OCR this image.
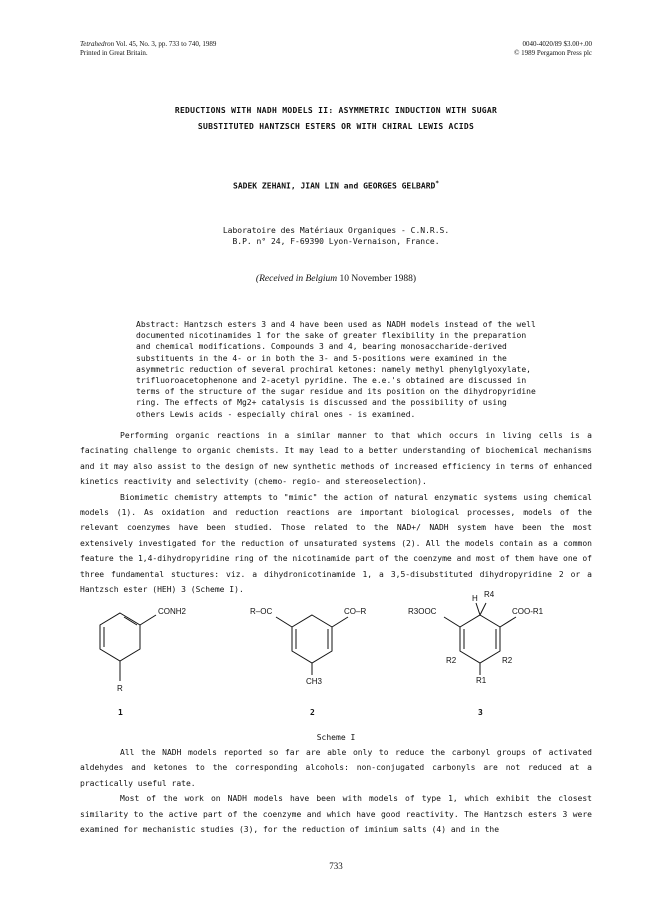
Tetrahedron Vol. 45, No. 3, pp. 733 to 740, 1989
Printed in Great Britain.
0040-4020/89 $3.00+.00
© 1989 Pergamon Press plc
REDUCTIONS WITH NADH MODELS II: ASYMMETRIC INDUCTION WITH SUGAR
SUBSTITUTED HANTZSCH ESTERS OR WITH CHIRAL LEWIS ACIDS
SADEK ZEHANI, JIAN LIN and GEORGES GELBARD*
Laboratoire des Matériaux Organiques - C.N.R.S.
B.P. n° 24, F-69390 Lyon-Vernaison, France.
(Received in Belgium 10 November 1988)

Abstract: Hantzsch esters 3 and 4 have been used as NADH models instead of the well documented nicotinamides 1 for the sake of greater flexibility in the preparation and chemical modifications. Compounds 3 and 4, bearing monosaccharide-derived substituents in the 4- or in both the 3- and 5-positions were examined in the asymmetric reduction of several prochiral ketones: namely methyl phenylglyoxylate, trifluoroacetophenone and 2-acetyl pyridine. The e.e.'s obtained are discussed in terms of the structure of the sugar residue and its position on the dihydropyridine ring. The effects of Mg2+ catalysis is discussed and the possibility of using others Lewis acids - especially chiral ones - is examined.

Performing organic reactions in a similar manner to that which occurs in living cells is a facinating challenge to organic chemists. It may lead to a better understanding of biochemical mechanisms and it may also assist to the design of new synthetic methods of increased efficiency in terms of enhanced kinetics reactivity and selectivity (chemo- regio- and stereoselection).

Biomimetic chemistry attempts to "mimic" the action of natural enzymatic systems using chemical models (1). As oxidation and reduction reactions are important biological processes, models of the relevant coenzymes have been studied. Those related to the NAD+/ NADH system have been the most extensively investigated for the reduction of unsaturated systems (2). All the models contain as a common feature the 1,4-dihydropyridine ring of the nicotinamide part of the coenzyme and most of them have one of three fundamental stuctures: viz. a dihydronicotinamide 1, a 3,5-disubstituted dihydropyridine 2 or a Hantzsch ester (HEH) 3 (Scheme I).

CONH2
R
R–OC	CO–R
CH3
H R4
R3OOC	COO-R1
R2	R2
R1
1	2	3
Scheme I

All the NADH models reported so far are able only to reduce the carbonyl groups of activated aldehydes and ketones to the corresponding alcohols: non-conjugated carbonyls are not reduced at a practically useful rate.

Most of the work on NADH models have been with models of type 1, which exhibit the closest similarity to the active part of the coenzyme and which have good reactivity. The Hantzsch esters 3 were examined for mechanistic studies (3), for the reduction of iminium salts (4) and in the

733
